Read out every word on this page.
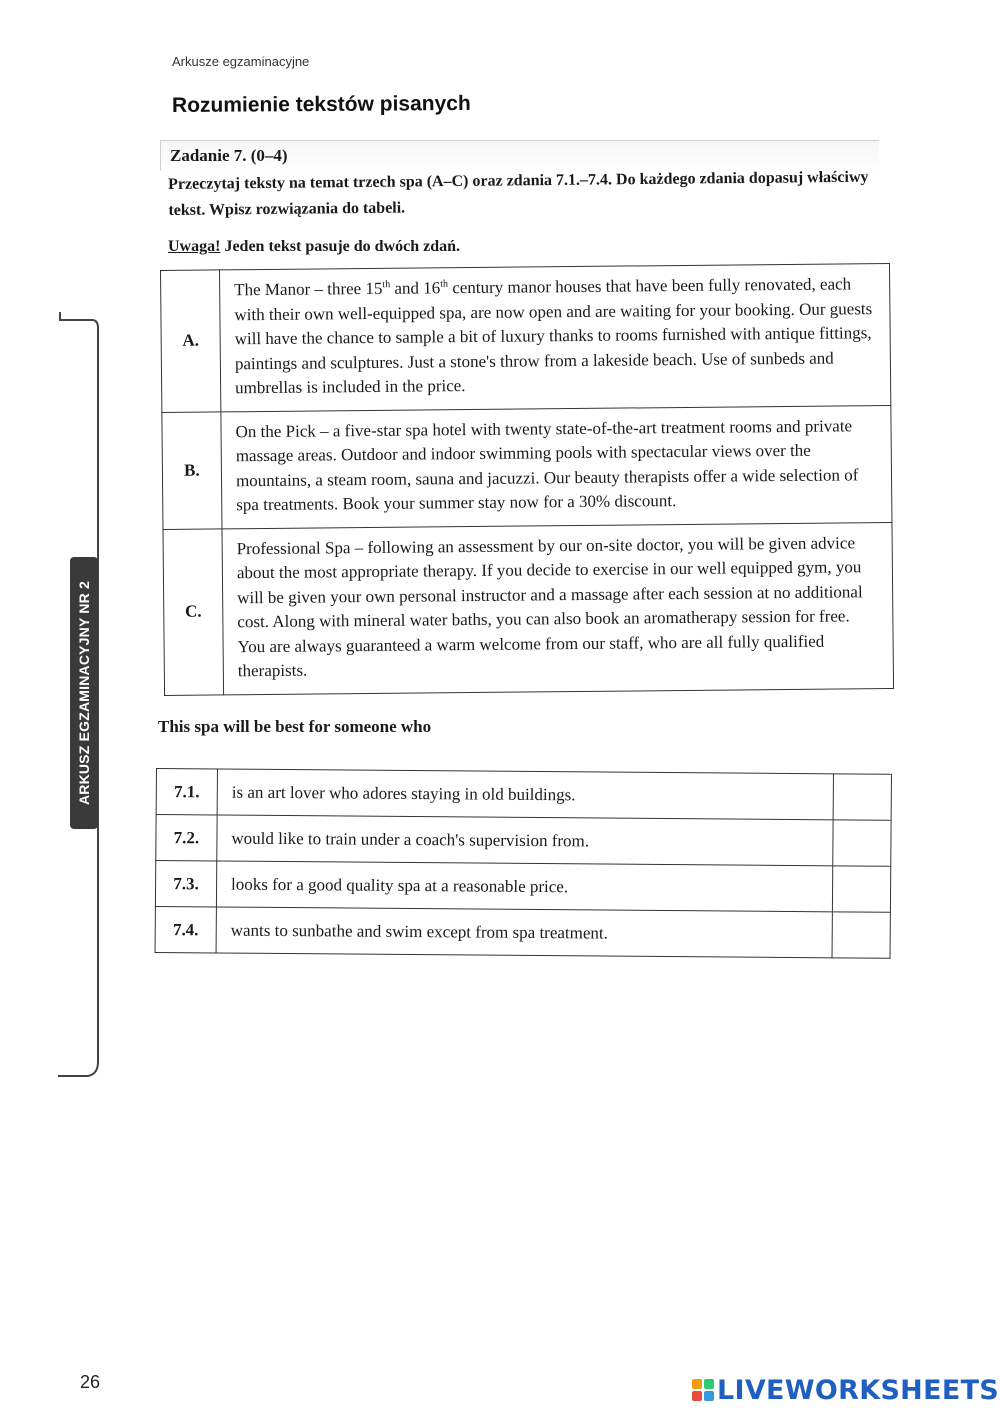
Arkusze egzaminacyjne
Rozumienie tekstów pisanych
Zadanie 7. (0–4)
Przeczytaj teksty na temat trzech spa (A–C) oraz zdania 7.1.–7.4. Do każdego zdania dopasuj właściwy tekst. Wpisz rozwiązania do tabeli.
Uwaga! Jeden tekst pasuje do dwóch zdań.
A.	The Manor – three 15th and 16th century manor houses that have been fully renovated, each with their own well-equipped spa, are now open and are waiting for your booking. Our guests will have the chance to sample a bit of luxury thanks to rooms furnished with antique fittings, paintings and sculptures. Just a stone's throw from a lakeside beach. Use of sunbeds and umbrellas is included in the price.
B.	On the Pick – a five-star spa hotel with twenty state-of-the-art treatment rooms and private massage areas. Outdoor and indoor swimming pools with spectacular views over the mountains, a steam room, sauna and jacuzzi. Our beauty therapists offer a wide selection of spa treatments. Book your summer stay now for a 30% discount.
C.	Professional Spa – following an assessment by our on-site doctor, you will be given advice about the most appropriate therapy. If you decide to exercise in our well equipped gym, you will be given your own personal instructor and a massage after each session at no additional cost. Along with mineral water baths, you can also book an aromatherapy session for free. You are always guaranteed a warm welcome from our staff, who are all fully qualified therapists.
This spa will be best for someone who
7.1.	is an art lover who adores staying in old buildings.	
7.2.	would like to train under a coach's supervision from.	
7.3.	looks for a good quality spa at a reasonable price.	
7.4.	wants to sunbathe and swim except from spa treatment.	
ARKUSZ EGZAMINACYJNY NR 2
26	LIVEWORKSHEETS
